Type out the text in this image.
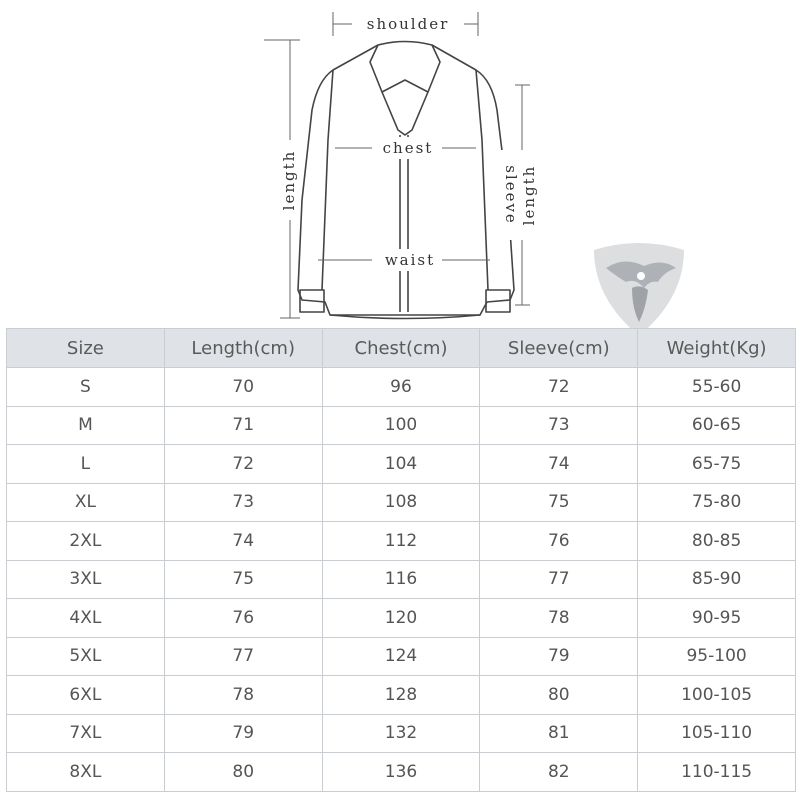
shoulder
chest
waist
length	sleeve length
Size	Length(cm)	Chest(cm)	Sleeve(cm)	Weight(Kg)
S	70	96	72	55-60
M	71	100	73	60-65
L	72	104	74	65-75
XL	73	108	75	75-80
2XL	74	112	76	80-85
3XL	75	116	77	85-90
4XL	76	120	78	90-95
5XL	77	124	79	95-100
6XL	78	128	80	100-105
7XL	79	132	81	105-110
8XL	80	136	82	110-115
